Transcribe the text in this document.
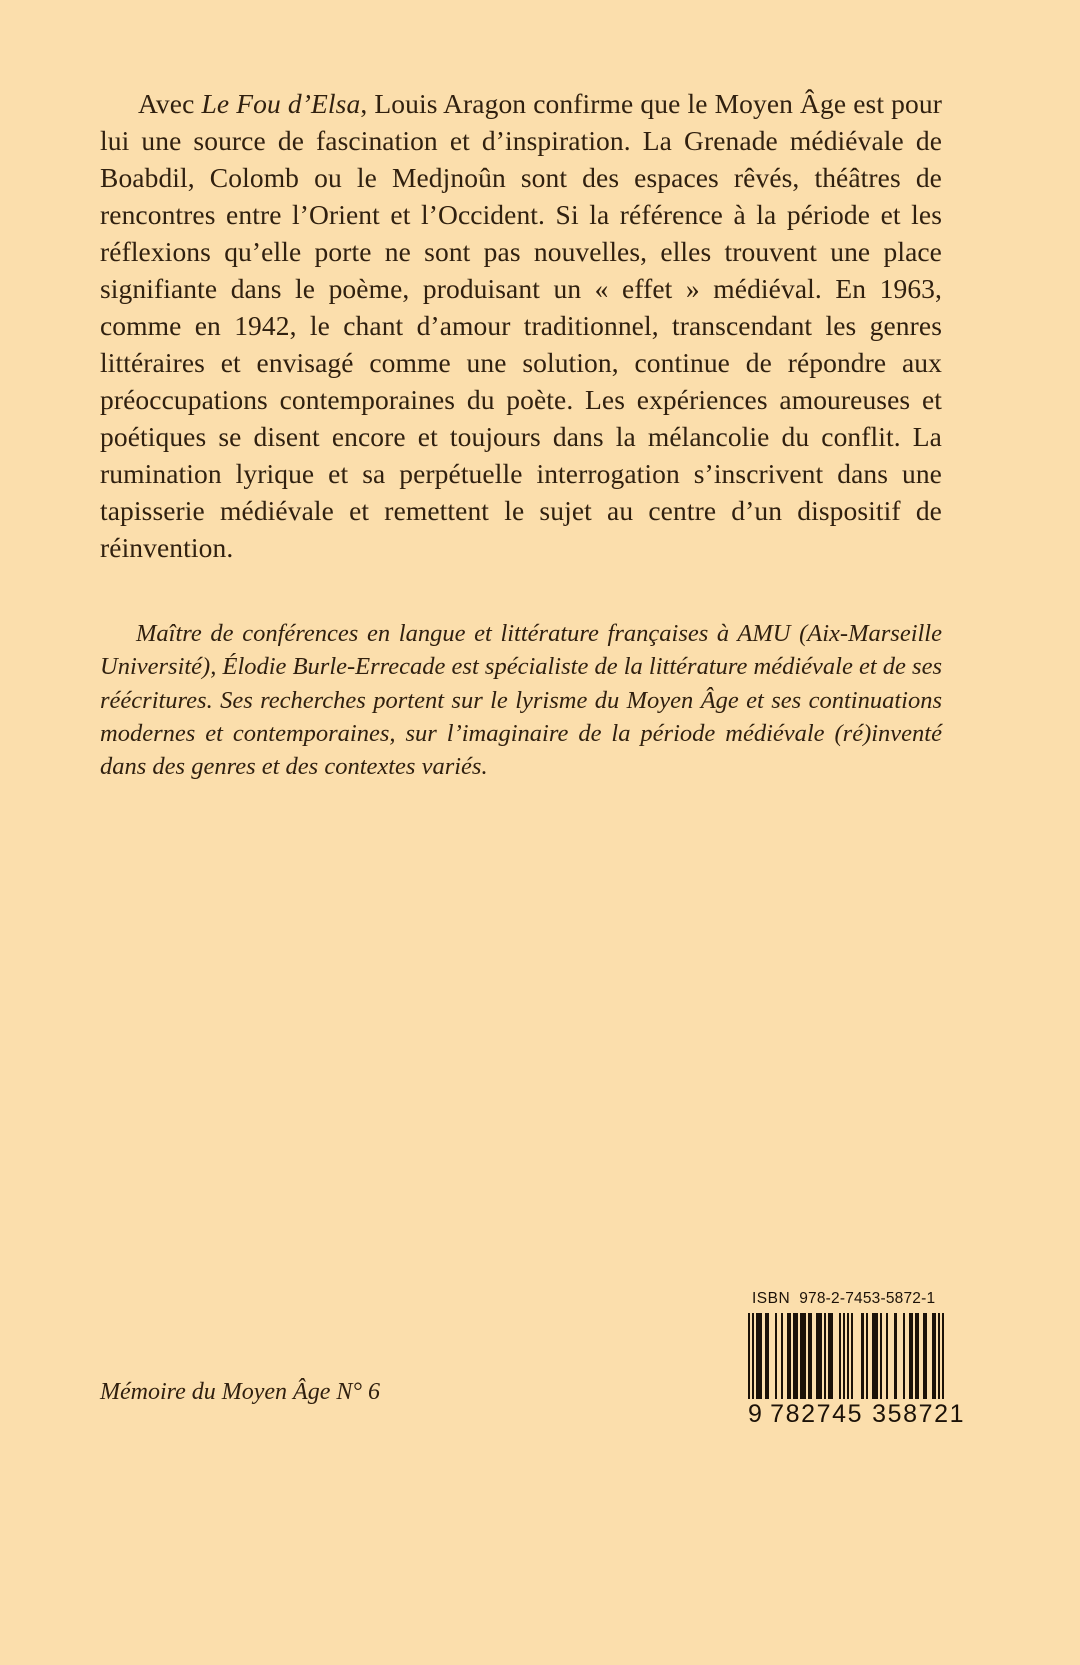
Avec Le Fou d’Elsa, Louis Aragon confirme que le Moyen Âge est pour lui une source de fascination et d’inspiration. La Grenade médiévale de Boabdil, Colomb ou le Medjnoûn sont des espaces rêvés, théâtres de rencontres entre l’Orient et l’Occident. Si la référence à la période et les réflexions qu’elle porte ne sont pas nouvelles, elles trouvent une place signifiante dans le poème, produisant un « effet » médiéval. En 1963, comme en 1942, le chant d’amour traditionnel, transcendant les genres littéraires et envisagé comme une solution, continue de répondre aux préoccupations contemporaines du poète. Les expériences amoureuses et poétiques se disent encore et toujours dans la mélancolie du conflit. La rumination lyrique et sa perpétuelle interrogation s’inscrivent dans une tapisserie médiévale et remettent le sujet au centre d’un dispositif de réinvention.
Maître de conférences en langue et littérature françaises à AMU (Aix-Marseille Université), Élodie Burle-Errecade est spécialiste de la littérature médiévale et de ses réécritures. Ses recherches portent sur le lyrisme du Moyen Âge et ses continuations modernes et contemporaines, sur l’imaginaire de la période médiévale (ré)inventé dans des genres et des contextes variés.
Mémoire du Moyen Âge N° 6
ISBN 978-2-7453-5872-1
9 782745 358721
